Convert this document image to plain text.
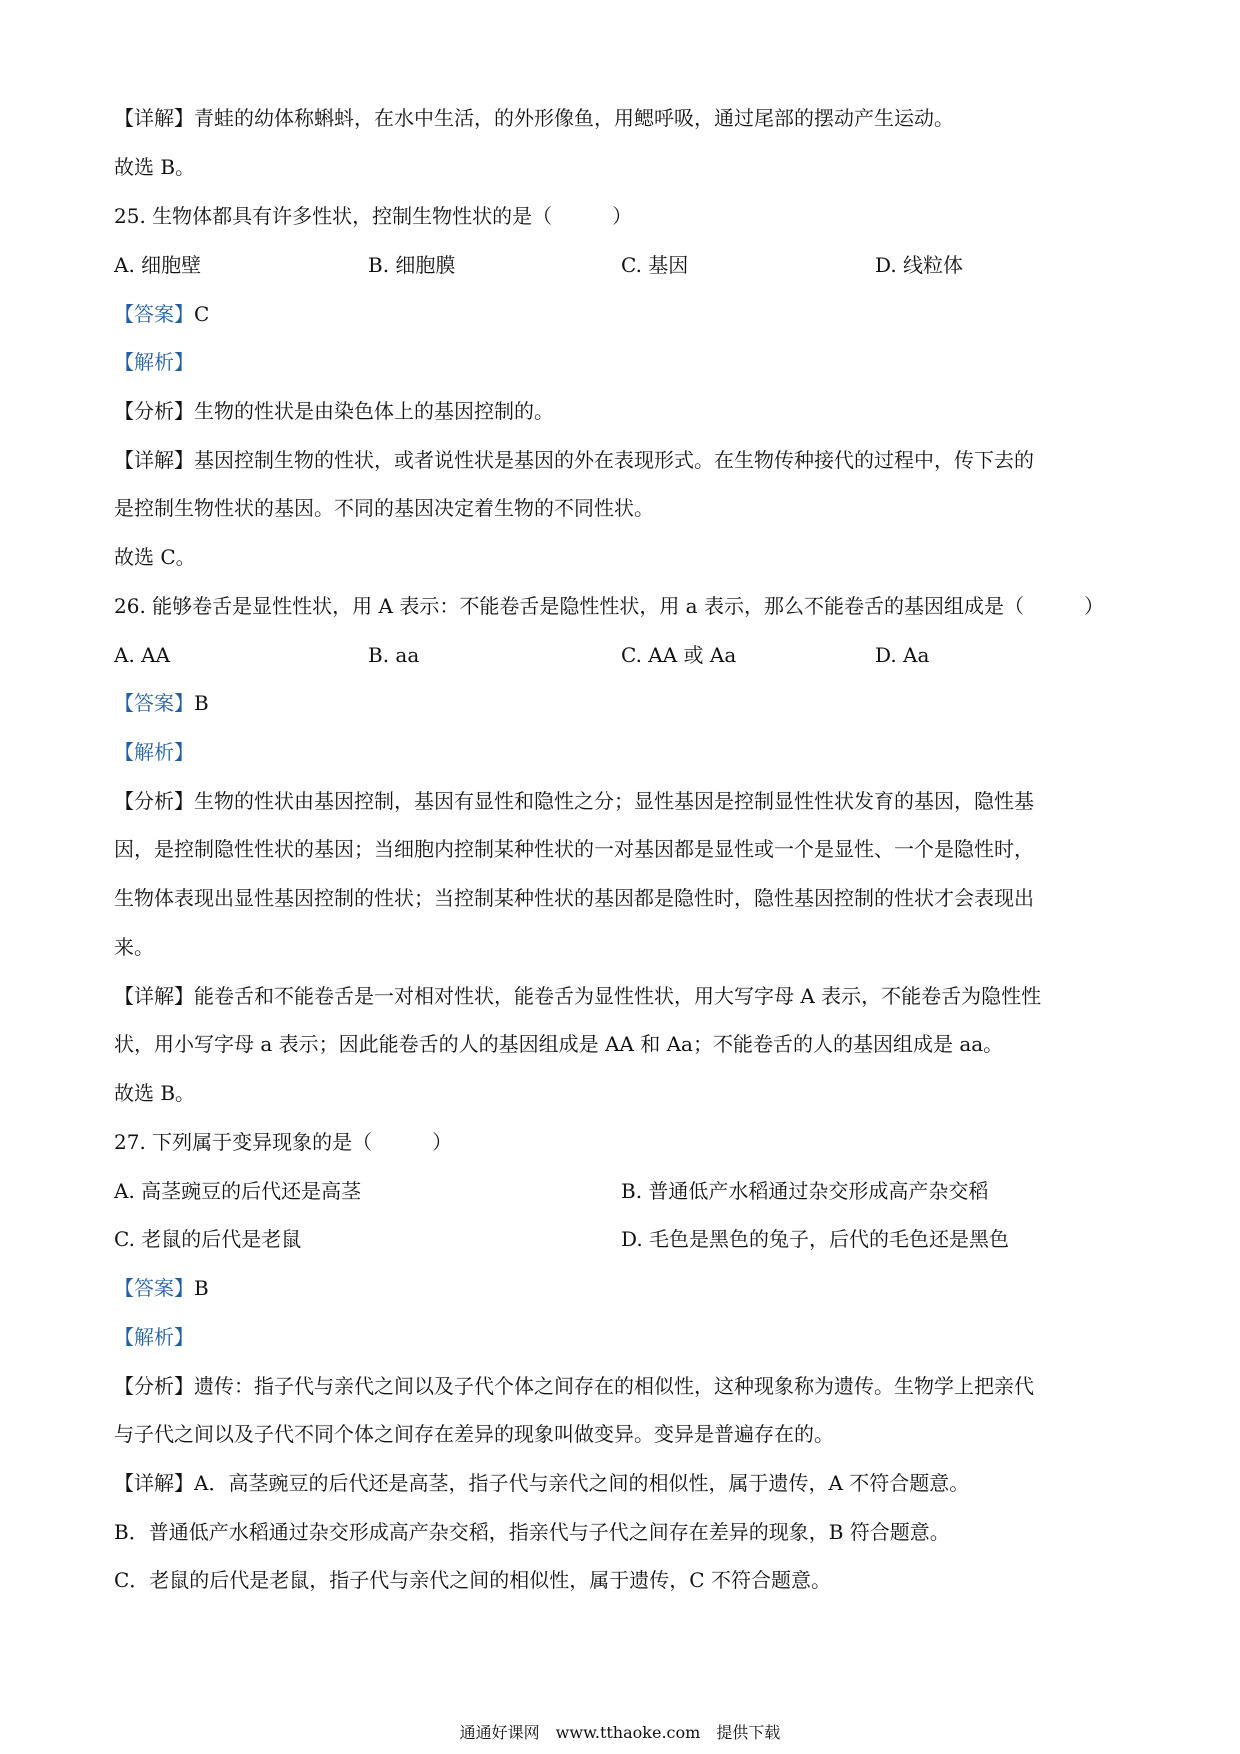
【详解】青蛙的幼体称蝌蚪，在水中生活，的外形像鱼，用鳃呼吸，通过尾部的摆动产生运动。
故选 B。
25. 生物体都具有许多性状，控制生物性状的是（　　　）
A. 细胞壁	B. 细胞膜	C. 基因	D. 线粒体
【答案】C
【解析】
【分析】生物的性状是由染色体上的基因控制的。
【详解】基因控制生物的性状，或者说性状是基因的外在表现形式。在生物传种接代的过程中，传下去的
是控制生物性状的基因。不同的基因决定着生物的不同性状。
故选 C。
26. 能够卷舌是显性性状，用 A 表示：不能卷舌是隐性性状，用 a 表示，那么不能卷舌的基因组成是（　　　）
A. AA	B. aa	C. AA 或 Aa	D. Aa
【答案】B
【解析】
【分析】生物的性状由基因控制，基因有显性和隐性之分；显性基因是控制显性性状发育的基因，隐性基
因，是控制隐性性状的基因；当细胞内控制某种性状的一对基因都是显性或一个是显性、一个是隐性时，
生物体表现出显性基因控制的性状；当控制某种性状的基因都是隐性时，隐性基因控制的性状才会表现出
来。
【详解】能卷舌和不能卷舌是一对相对性状，能卷舌为显性性状，用大写字母 A 表示，不能卷舌为隐性性
状，用小写字母 a 表示；因此能卷舌的人的基因组成是 AA 和 Aa；不能卷舌的人的基因组成是 aa。
故选 B。
27. 下列属于变异现象的是（　　　）
A. 高茎豌豆的后代还是高茎	B. 普通低产水稻通过杂交形成高产杂交稻
C. 老鼠的后代是老鼠	D. 毛色是黑色的兔子，后代的毛色还是黑色
【答案】B
【解析】
【分析】遗传：指子代与亲代之间以及子代个体之间存在的相似性，这种现象称为遗传。生物学上把亲代
与子代之间以及子代不同个体之间存在差异的现象叫做变异。变异是普遍存在的。
【详解】A．高茎豌豆的后代还是高茎，指子代与亲代之间的相似性，属于遗传，A 不符合题意。
B．普通低产水稻通过杂交形成高产杂交稻，指亲代与子代之间存在差异的现象，B 符合题意。
C．老鼠的后代是老鼠，指子代与亲代之间的相似性，属于遗传，C 不符合题意。
通通好课网　www.tthaoke.com　提供下载
